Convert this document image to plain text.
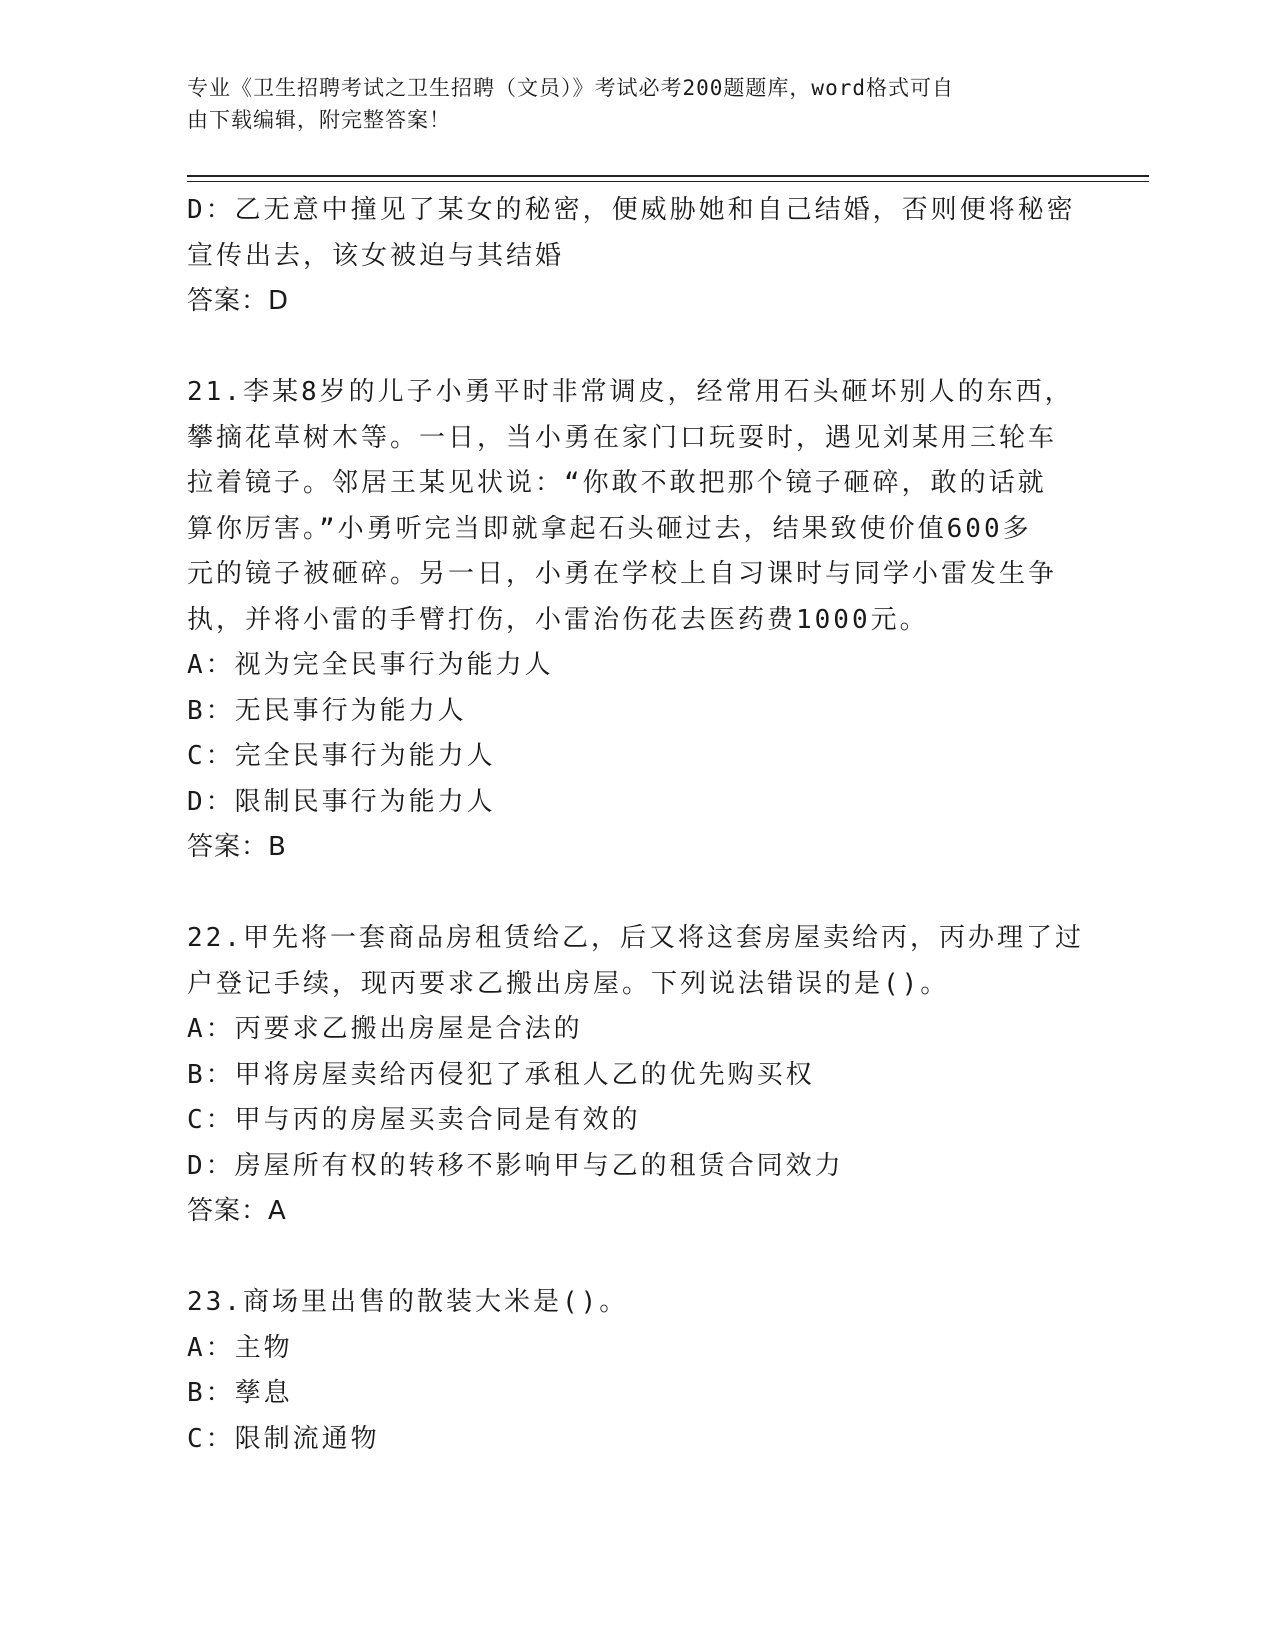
专业《卫生招聘考试之卫生招聘（文员）》考试必考200题题库，word格式可自
由下载编辑，附完整答案！
D：乙无意中撞见了某女的秘密，便威胁她和自己结婚，否则便将秘密
宣传出去，该女被迫与其结婚
答案：D
21.李某8岁的儿子小勇平时非常调皮，经常用石头砸坏别人的东西，
攀摘花草树木等。一日，当小勇在家门口玩耍时，遇见刘某用三轮车
拉着镜子。邻居王某见状说：“你敢不敢把那个镜子砸碎，敢的话就
算你厉害。”小勇听完当即就拿起石头砸过去，结果致使价值600多
元的镜子被砸碎。另一日，小勇在学校上自习课时与同学小雷发生争
执，并将小雷的手臂打伤，小雷治伤花去医药费1000元。
A：视为完全民事行为能力人
B：无民事行为能力人
C：完全民事行为能力人
D：限制民事行为能力人
答案：B
22.甲先将一套商品房租赁给乙，后又将这套房屋卖给丙，丙办理了过
户登记手续，现丙要求乙搬出房屋。下列说法错误的是()。
A：丙要求乙搬出房屋是合法的
B：甲将房屋卖给丙侵犯了承租人乙的优先购买权
C：甲与丙的房屋买卖合同是有效的
D：房屋所有权的转移不影响甲与乙的租赁合同效力
答案：A
23.商场里出售的散装大米是()。
A：主物
B：孳息
C：限制流通物
